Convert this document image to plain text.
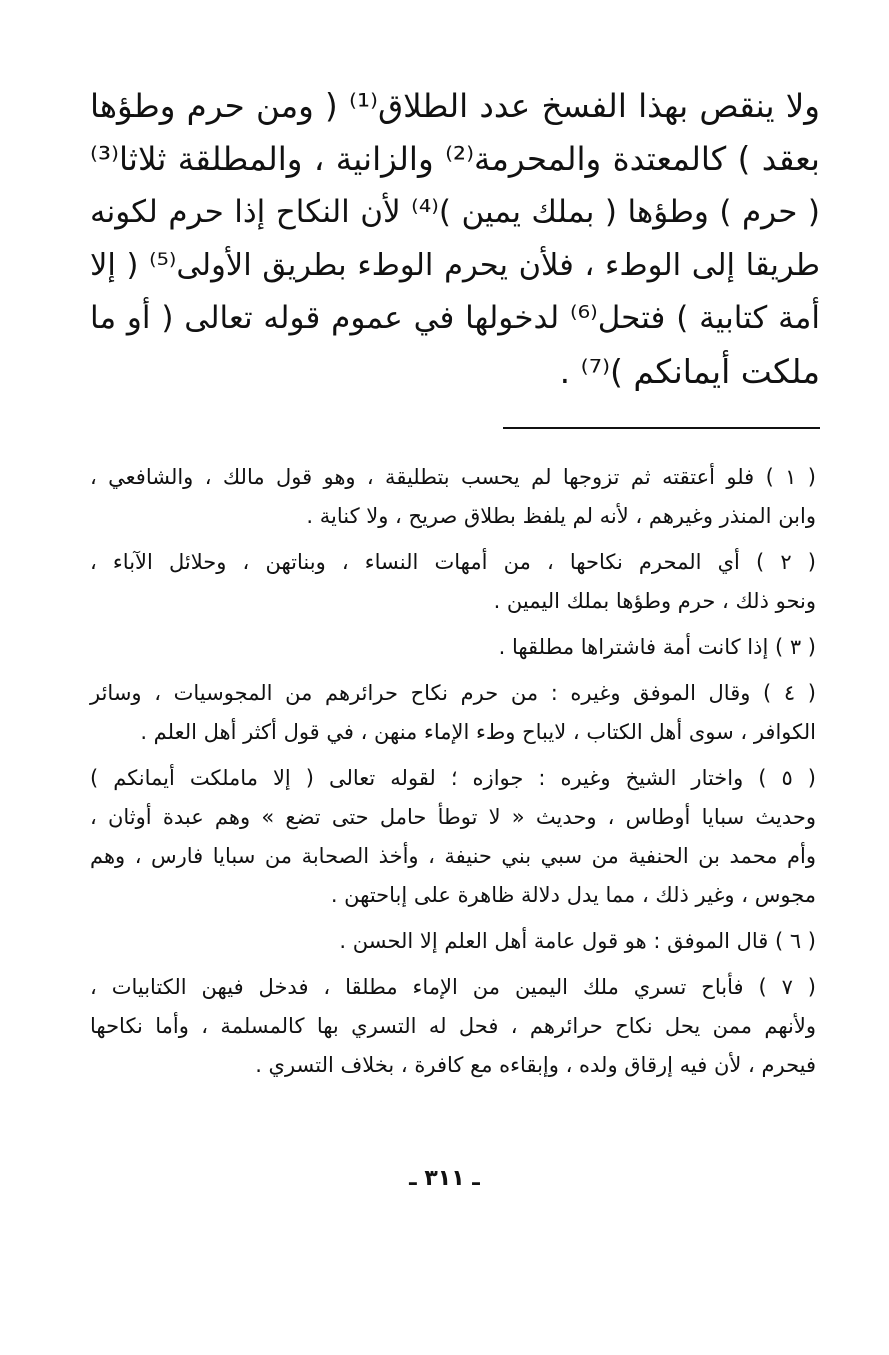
ولا ينقص بهذا الفسخ عدد الطلاق⁽¹⁾ ( ومن حرم وطؤها
بعقد ) كالمعتدة والمحرمة⁽²⁾ والزانية ، والمطلقة ثلاثا⁽³⁾
( حرم ) وطؤها ( بملك يمين )⁽⁴⁾ لأن النكاح إذا حرم لكونه
طريقا إلى الوطء ، فلأن يحرم الوطء بطريق الأولى⁽⁵⁾ ( إلا
أمة كتابية ) فتحل⁽⁶⁾ لدخولها في عموم قوله تعالى ( أو ما
ملكت أيمانكم )⁽⁷⁾ .
( ١ ) فلو أعتقته ثم تزوجها لم يحسب بتطليقة ، وهو قول مالك ، والشافعي ،
وابن المنذر وغيرهم ، لأنه لم يلفظ بطلاق صريح ، ولا كناية .
( ٢ ) أي المحرم نكاحها ، من أمهات النساء ، وبناتهن ، وحلائل الآباء ،
ونحو ذلك ، حرم وطؤها بملك اليمين .
( ٣ ) إذا كانت أمة فاشتراها مطلقها .
( ٤ ) وقال الموفق وغيره : من حرم نكاح حرائرهم من المجوسيات ، وسائر
الكوافر ، سوى أهل الكتاب ، لايباح وطء الإماء منهن ، في قول أكثر أهل العلم .
( ٥ ) واختار الشيخ وغيره : جوازه ؛ لقوله تعالى ( إلا ماملكت أيمانكم )
وحديث سبايا أوطاس ، وحديث « لا توطأ حامل حتى تضع » وهم عبدة أوثان ،
وأم محمد بن الحنفية من سبي بني حنيفة ، وأخذ الصحابة من سبايا فارس ، وهم
مجوس ، وغير ذلك ، مما يدل دلالة ظاهرة على إباحتهن .
( ٦ ) قال الموفق : هو قول عامة أهل العلم إلا الحسن .
( ٧ ) فأباح تسري ملك اليمين من الإماء مطلقا ، فدخل فيهن الكتابيات ،
ولأنهم ممن يحل نكاح حرائرهم ، فحل له التسري بها كالمسلمة ، وأما نكاحها
فيحرم ، لأن فيه إرقاق ولده ، وإبقاءه مع كافرة ، بخلاف التسري .
ـ ٣١١ ـ
